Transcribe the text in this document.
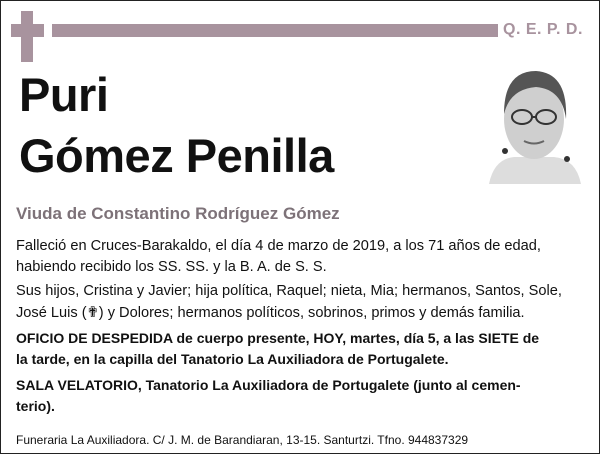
Q. E. P. D.
Puri
Gómez Penilla
Viuda de Constantino Rodríguez Gómez
Falleció en Cruces-Barakaldo, el día 4 de marzo de 2019, a los 71 años de edad,
habiendo recibido los SS. SS. y la B. A. de S. S.
Sus hijos, Cristina y Javier; hija política, Raquel; nieta, Mia; hermanos, Santos, Sole,
José Luis (✟) y Dolores; hermanos políticos, sobrinos, primos y demás familia.
OFICIO DE DESPEDIDA de cuerpo presente, HOY, martes, día 5, a las SIETE de
la tarde, en la capilla del Tanatorio La Auxiliadora de Portugalete.
SALA VELATORIO, Tanatorio La Auxiliadora de Portugalete (junto al cemen-
terio).
Funeraria La Auxiliadora. C/ J. M. de Barandiaran, 13-15. Santurtzi. Tfno. 944837329
